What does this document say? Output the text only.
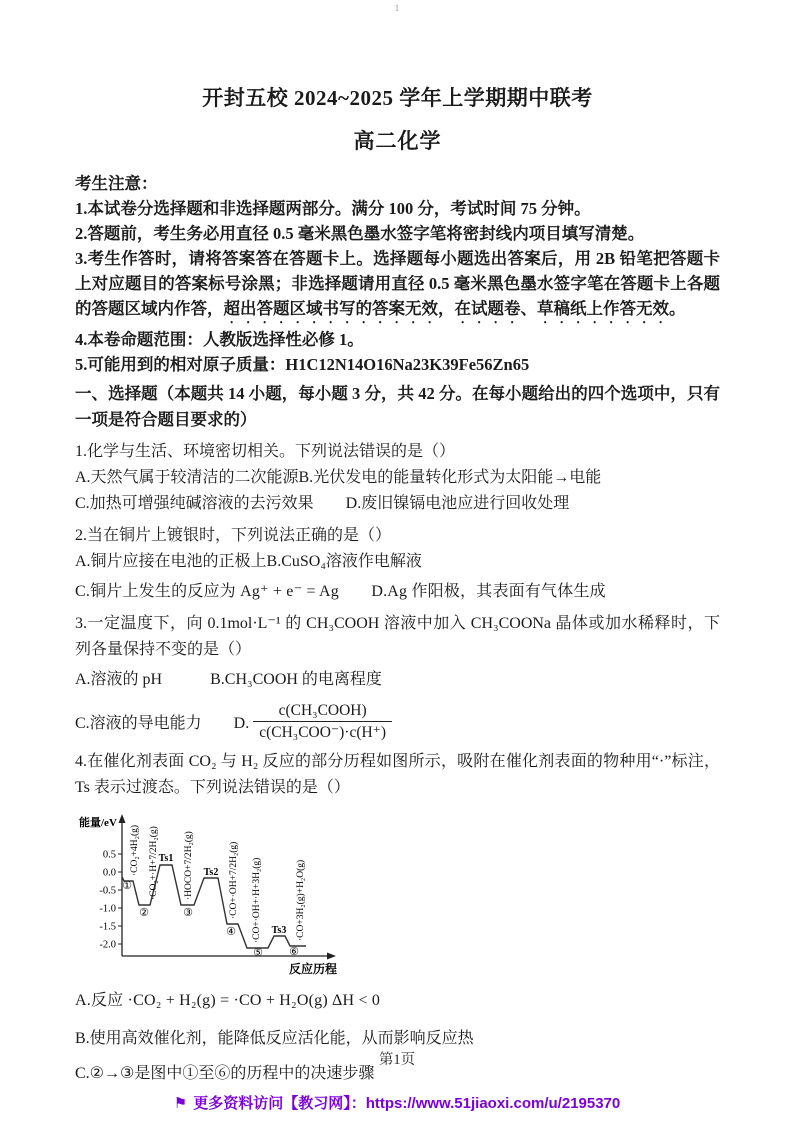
1
开封五校 2024~2025 学年上学期期中联考
高二化学

考生注意：

1.本试卷分选择题和非选择题两部分。满分 100 分，考试时间 75 分钟。

2.答题前，考生务必用直径 0.5 毫米黑色墨水签字笔将密封线内项目填写清楚。

3.考生作答时，请将答案答在答题卡上。选择题每小题选出答案后，用 2B 铅笔把答题卡上对应题目的答案标号涂黑；非选择题请用直径 0.5 毫米黑色墨水签字笔在答题卡上各题的答题区域内作答，超出答题区域书写的答案无效，在试题卷、草稿纸上作答无效。

4.本卷命题范围：人教版选择性必修 1。

5.可能用到的相对原子质量：H1C12N14O16Na23K39Fe56Zn65

一、选择题（本题共 14 小题，每小题 3 分，共 42 分。在每小题给出的四个选项中，只有一项是符合题目要求的）

1.化学与生活、环境密切相关。下列说法错误的是（）

A.天然气属于较清洁的二次能源B.光伏发电的能量转化形式为太阳能→电能

C.加热可增强纯碱溶液的去污效果　　D.废旧镍镉电池应进行回收处理

2.当在铜片上镀银时，下列说法正确的是（）

A.铜片应接在电池的正极上B.CuSO₄溶液作电解液

C.铜片上发生的反应为 Ag⁺ + e⁻ = Ag　　D.Ag 作阳极，其表面有气体生成

3.一定温度下，向 0.1mol·L⁻¹ 的 CH₃COOH 溶液中加入 CH₃COONa 晶体或加水稀释时，下列各量保持不变的是（）

A.溶液的 pH　　　B.CH₃COOH 的电离程度

C.溶液的导电能力　　D. $\frac{\text{c(CH₃COOH)}}{\text{c(CH₃COO⁻)·c(H⁺)}}$

4.在催化剂表面 CO₂ 与 H₂ 反应的部分历程如图所示，吸附在催化剂表面的物种用“·”标注，Ts 表示过渡态。下列说法错误的是（）

0.5
0.0
-0.5
-1.0
-1.5
-2.0
能量/eV
反应历程
①
②
Ts1
③
Ts2
④
⑤
Ts3
⑥
·CO₂+4H₂(g) ·CO₂+·H+7/2H₂(g)	·HOCO+7/2H₂(g)	·CO+·OH+7/2H₂(g) ·CO+·OH+·H+3H₂(g)	·CO+3H₂(g)+H₂O(g)

A.反应 ·CO₂ + H₂(g) = ·CO + H₂O(g) ΔH < 0

B.使用高效催化剂，能降低反应活化能，从而影响反应热

C.②→③是图中①至⑥的历程中的决速步骤

第1页
⚑ 更多资料访问【教习网】：https://www.51jiaoxi.com/u/2195370
